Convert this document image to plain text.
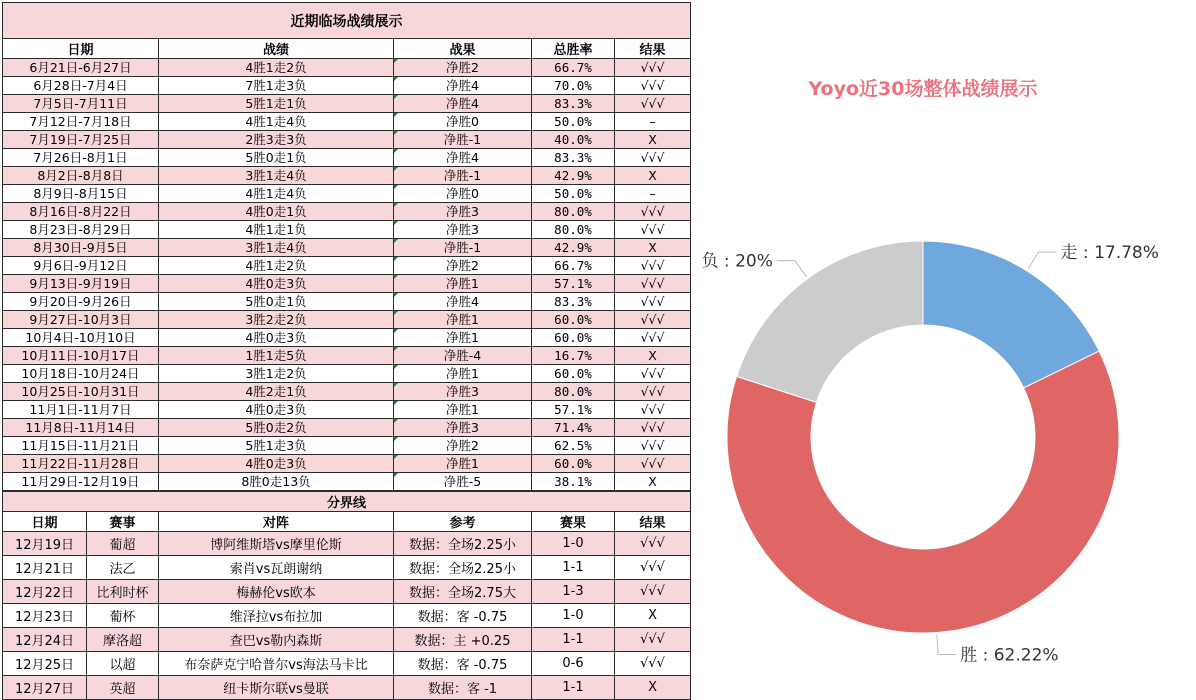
近期临场战绩展示				
日期	战绩	战果	总胜率	结果
6月21日-6月27日	4胜1走2负	净胜2	66.7%	√√√
6月28日-7月4日	7胜1走3负	净胜4	70.0%	√√√
7月5日-7月11日	5胜1走1负	净胜4	83.3%	√√√
7月12日-7月18日	4胜1走4负	净胜0	50.0%	–
7月19日-7月25日	2胜3走3负	净胜-1	40.0%	X
7月26日-8月1日	5胜0走1负	净胜4	83.3%	√√√
8月2日-8月8日	3胜1走4负	净胜-1	42.9%	X
8月9日-8月15日	4胜1走4负	净胜0	50.0%	–
8月16日-8月22日	4胜0走1负	净胜3	80.0%	√√√
8月23日-8月29日	4胜1走1负	净胜3	80.0%	√√√
8月30日-9月5日	3胜1走4负	净胜-1	42.9%	X
9月6日-9月12日	4胜1走2负	净胜2	66.7%	√√√
9月13日-9月19日	4胜0走3负	净胜1	57.1%	√√√
9月20日-9月26日	5胜0走1负	净胜4	83.3%	√√√
9月27日-10月3日	3胜2走2负	净胜1	60.0%	√√√
10月4日-10月10日	4胜0走3负	净胜1	60.0%	√√√
10月11日-10月17日	1胜1走5负	净胜-4	16.7%	X
10月18日-10月24日	3胜1走2负	净胜1	60.0%	√√√
10月25日-10月31日	4胜2走1负	净胜3	80.0%	√√√
11月1日-11月7日	4胜0走3负	净胜1	57.1%	√√√
11月8日-11月14日	5胜0走2负	净胜3	71.4%	√√√
11月15日-11月21日	5胜1走3负	净胜2	62.5%	√√√
11月22日-11月28日	4胜0走3负	净胜1	60.0%	√√√
11月29日-12月19日	8胜0走13负	净胜-5	38.1%	X
分界线					
日期	赛事	对阵	参考	赛果	结果
12月19日	葡超	博阿维斯塔vs摩里伦斯	数据：全场2.25小	1-0	√√√
12月21日	法乙	索肖vs瓦朗谢纳	数据：全场2.25小	1-1	√√√
12月22日	比利时杯	梅赫伦vs欧本	数据：全场2.75大	1-3	√√√
12月23日	葡杯	维泽拉vs布拉加	数据：客 -0.75	1-0	X
12月24日	摩洛超	查巴vs勒内森斯	数据：主 +0.25	1-1	√√√
12月25日	以超	布奈萨克宁哈普尔vs海法马卡比	数据：客 -0.75	0-6	√√√
12月27日	英超	纽卡斯尔联vs曼联	数据：客 -1	1-1	X
Yoyo近30场整体战绩展示
走 : 17.78%
胜 : 62.22%
负 : 20%
